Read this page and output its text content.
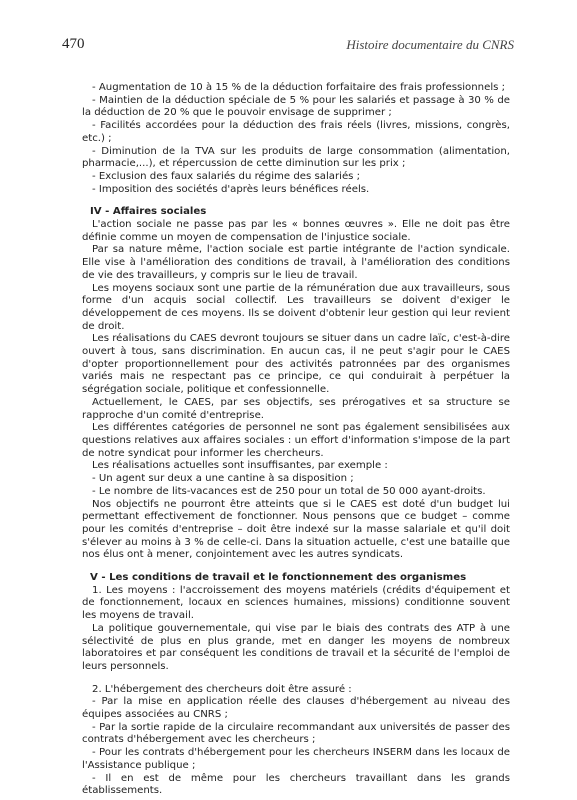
470	Histoire documentaire du CNRS

- Augmentation de 10 à 15 % de la déduction forfaitaire des frais professionnels ;

- Maintien de la déduction spéciale de 5 % pour les salariés et passage à 30 % de la déduction de 20 % que le pouvoir envisage de supprimer ;

- Facilités accordées pour la déduction des frais réels (livres, missions, congrès, etc.) ;

- Diminution de la TVA sur les produits de large consommation (alimentation, pharmacie,...), et répercussion de cette diminution sur les prix ;

- Exclusion des faux salariés du régime des salariés ;

- Imposition des sociétés d'après leurs bénéfices réels.

IV - Affaires sociales

L'action sociale ne passe pas par les « bonnes œuvres ». Elle ne doit pas être définie comme un moyen de compensation de l'injustice sociale.

Par sa nature même, l'action sociale est partie intégrante de l'action syndicale. Elle vise à l'amélioration des conditions de travail, à l'amélioration des conditions de vie des travailleurs, y compris sur le lieu de travail.

Les moyens sociaux sont une partie de la rémunération due aux travailleurs, sous forme d'un acquis social collectif. Les travailleurs se doivent d'exiger le développement de ces moyens. Ils se doivent d'obtenir leur gestion qui leur revient de droit.

Les réalisations du CAES devront toujours se situer dans un cadre laïc, c'est-à-dire ouvert à tous, sans discrimination. En aucun cas, il ne peut s'agir pour le CAES d'opter proportionnellement pour des activités patronnées par des organismes variés mais ne respectant pas ce principe, ce qui conduirait à perpétuer la ségrégation sociale, politique et confessionnelle.

Actuellement, le CAES, par ses objectifs, ses prérogatives et sa structure se rapproche d'un comité d'entreprise.

Les différentes catégories de personnel ne sont pas également sensibilisées aux questions relatives aux affaires sociales : un effort d'information s'impose de la part de notre syndicat pour informer les chercheurs.

Les réalisations actuelles sont insuffisantes, par exemple :

- Un agent sur deux a une cantine à sa disposition ;

- Le nombre de lits-vacances est de 250 pour un total de 50 000 ayant-droits.

Nos objectifs ne pourront être atteints que si le CAES est doté d'un budget lui permettant effectivement de fonctionner. Nous pensons que ce budget – comme pour les comités d'entreprise – doit être indexé sur la masse salariale et qu'il doit s'élever au moins à 3 % de celle-ci. Dans la situation actuelle, c'est une bataille que nos élus ont à mener, conjointement avec les autres syndicats.

V - Les conditions de travail et le fonctionnement des organismes

1. Les moyens : l'accroissement des moyens matériels (crédits d'équipement et de fonctionnement, locaux en sciences humaines, missions) conditionne souvent les moyens de travail.

La politique gouvernementale, qui vise par le biais des contrats des ATP à une sélectivité de plus en plus grande, met en danger les moyens de nombreux laboratoires et par conséquent les conditions de travail et la sécurité de l'emploi de leurs personnels.

2. L'hébergement des chercheurs doit être assuré :

- Par la mise en application réelle des clauses d'hébergement au niveau des équipes associées au CNRS ;

- Par la sortie rapide de la circulaire recommandant aux universités de passer des contrats d'hébergement avec les chercheurs ;

- Pour les contrats d'hébergement pour les chercheurs INSERM dans les locaux de l'Assistance publique ;

- Il en est de même pour les chercheurs travaillant dans les grands établissements.
